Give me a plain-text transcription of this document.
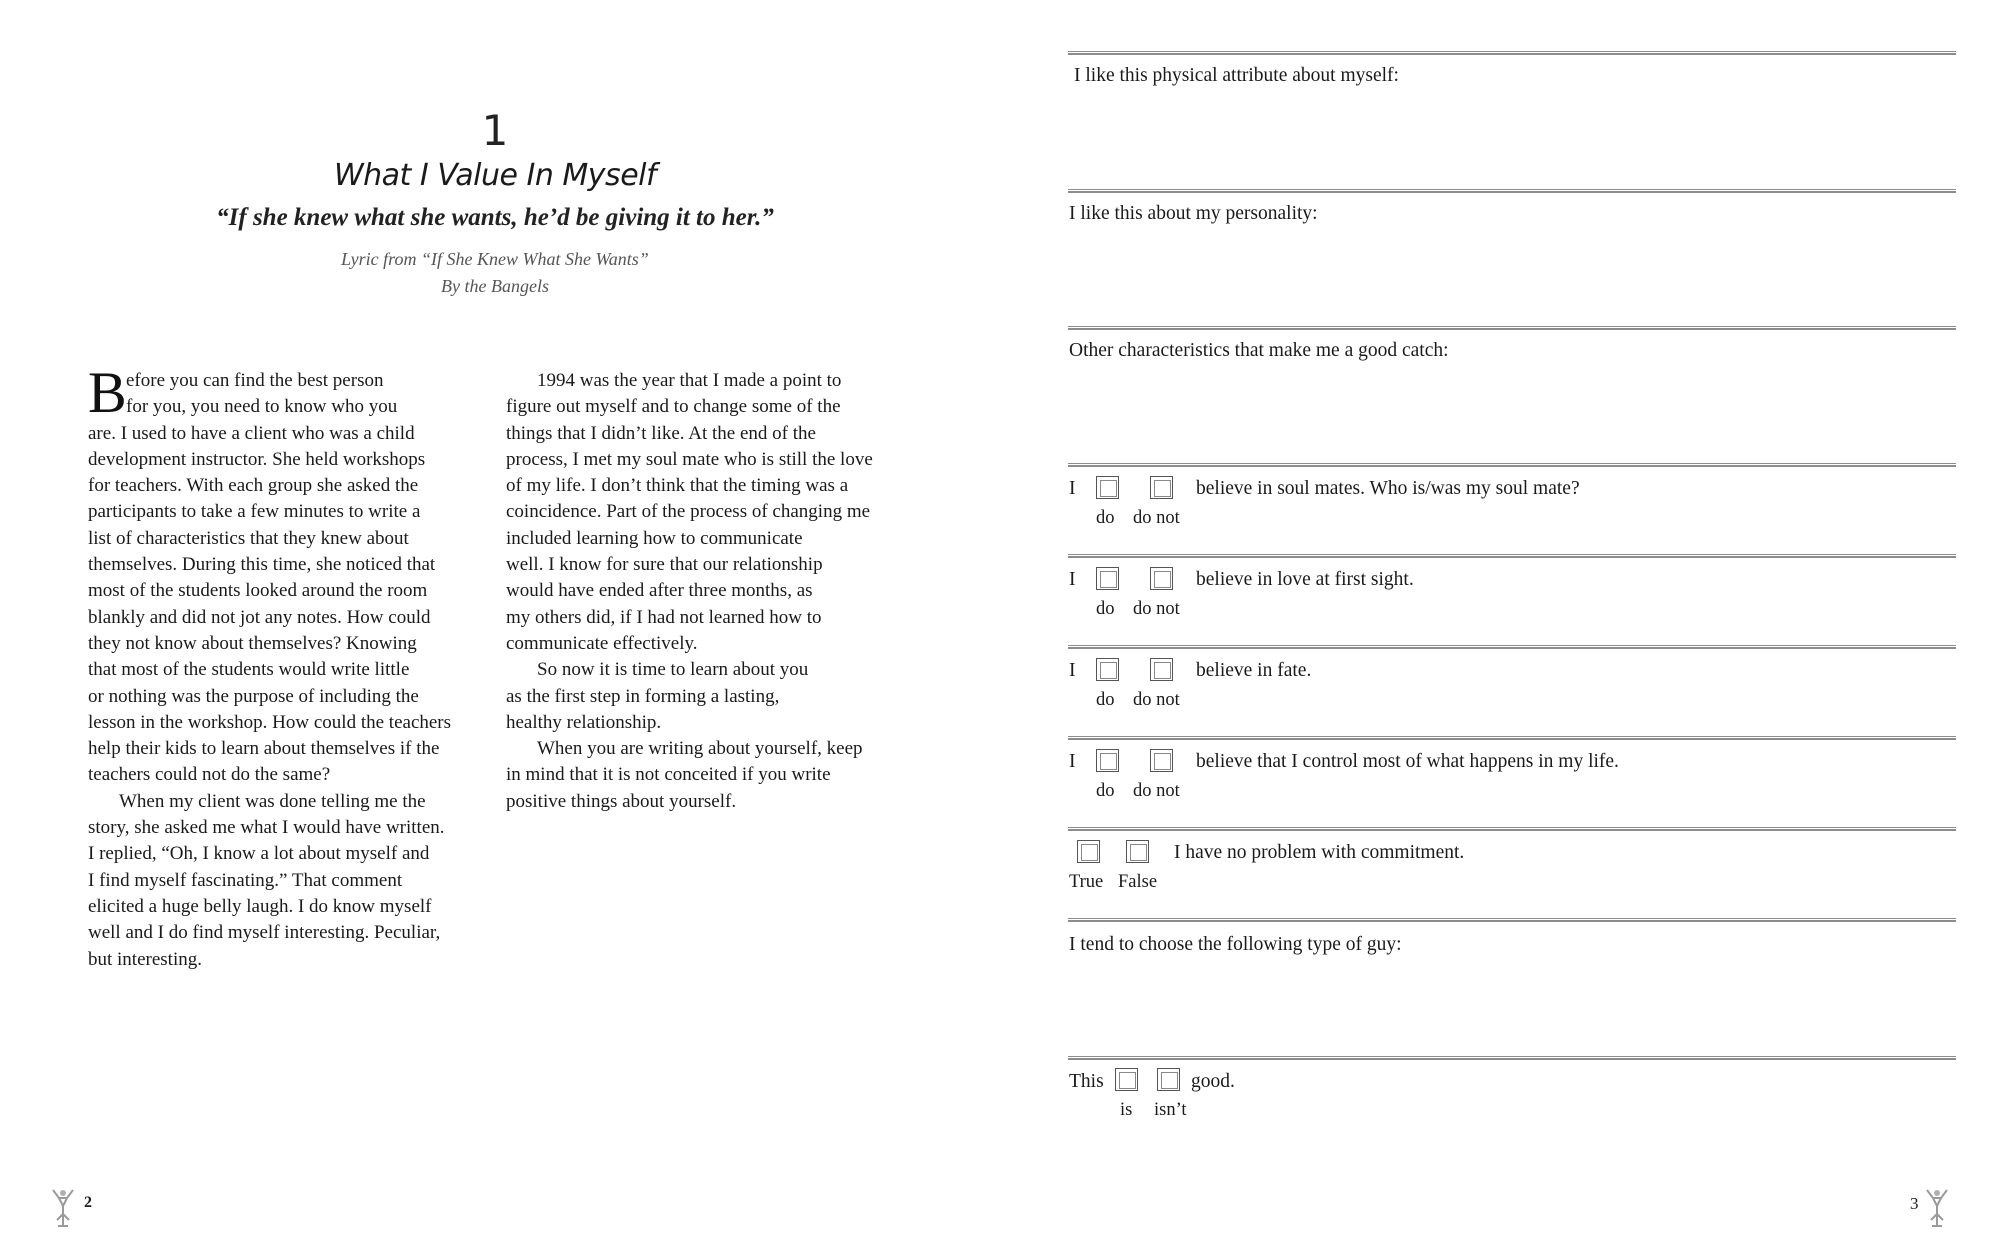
1
What I Value In Myself
“If she knew what she wants, he’d be giving it to her.”
Lyric from “If She Knew What She Wants”
By the Bangels
B efore you can find the best person
for you, you need to know who you
are. I used to have a client who was a child
development instructor. She held workshops
for teachers. With each group she asked the
participants to take a few minutes to write a
list of characteristics that they knew about
themselves. During this time, she noticed that
most of the students looked around the room
blankly and did not jot any notes. How could
they not know about themselves? Knowing
that most of the students would write little
or nothing was the purpose of including the
lesson in the workshop. How could the teachers
help their kids to learn about themselves if the
teachers could not do the same?
When my client was done telling me the
story, she asked me what I would have written.
I replied, “Oh, I know a lot about myself and
I find myself fascinating.” That comment
elicited a huge belly laugh. I do know myself
well and I do find myself interesting. Peculiar,
but interesting.
1994 was the year that I made a point to
figure out myself and to change some of the
things that I didn’t like. At the end of the
process, I met my soul mate who is still the love
of my life. I don’t think that the timing was a
coincidence. Part of the process of changing me
included learning how to communicate
well. I know for sure that our relationship
would have ended after three months, as
my others did, if I had not learned how to
communicate effectively.
So now it is time to learn about you
as the first step in forming a lasting,
healthy relationship.
When you are writing about yourself, keep
in mind that it is not conceited if you write
positive things about yourself.
2
I like this physical attribute about myself:
I like this about my personality:
Other characteristics that make me a good catch:
I	believe in soul mates. Who is/was my soul mate?
do do not
I	believe in love at first sight.
do do not
I	believe in fate.
do do not
I	believe that I control most of what happens in my life.
do do not
I have no problem with commitment.
True False
I tend to choose the following type of guy:
This	good.
is isn’t
3
